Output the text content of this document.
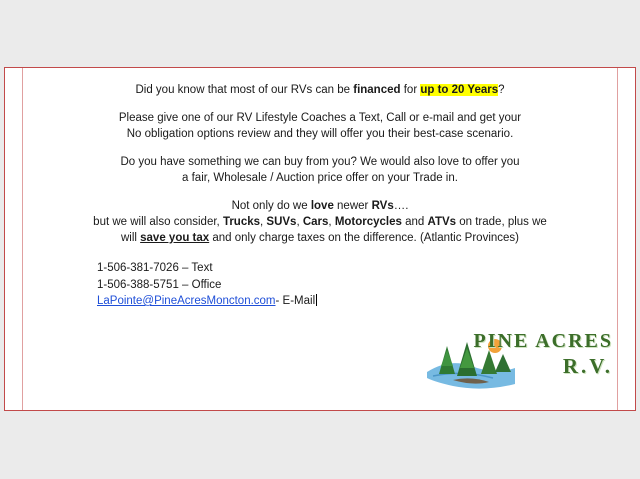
Did you know that most of our RVs can be financed for up to 20 Years?

Please give one of our RV Lifestyle Coaches a Text, Call or e-mail and get your
No obligation options review and they will offer you their best-case scenario.

Do you have something we can buy from you? We would also love to offer you
a fair, Wholesale / Auction price offer on your Trade in.

Not only do we love newer RVs….
but we will also consider, Trucks, SUVs, Cars, Motorcycles and ATVs on trade, plus we
will save you tax and only charge taxes on the difference. (Atlantic Provinces)

1-506-381-7026 – Text
1-506-388-5751 – Office
LaPointe@PineAcresMoncton.com- E-Mail
PINE ACRES
R.V.
